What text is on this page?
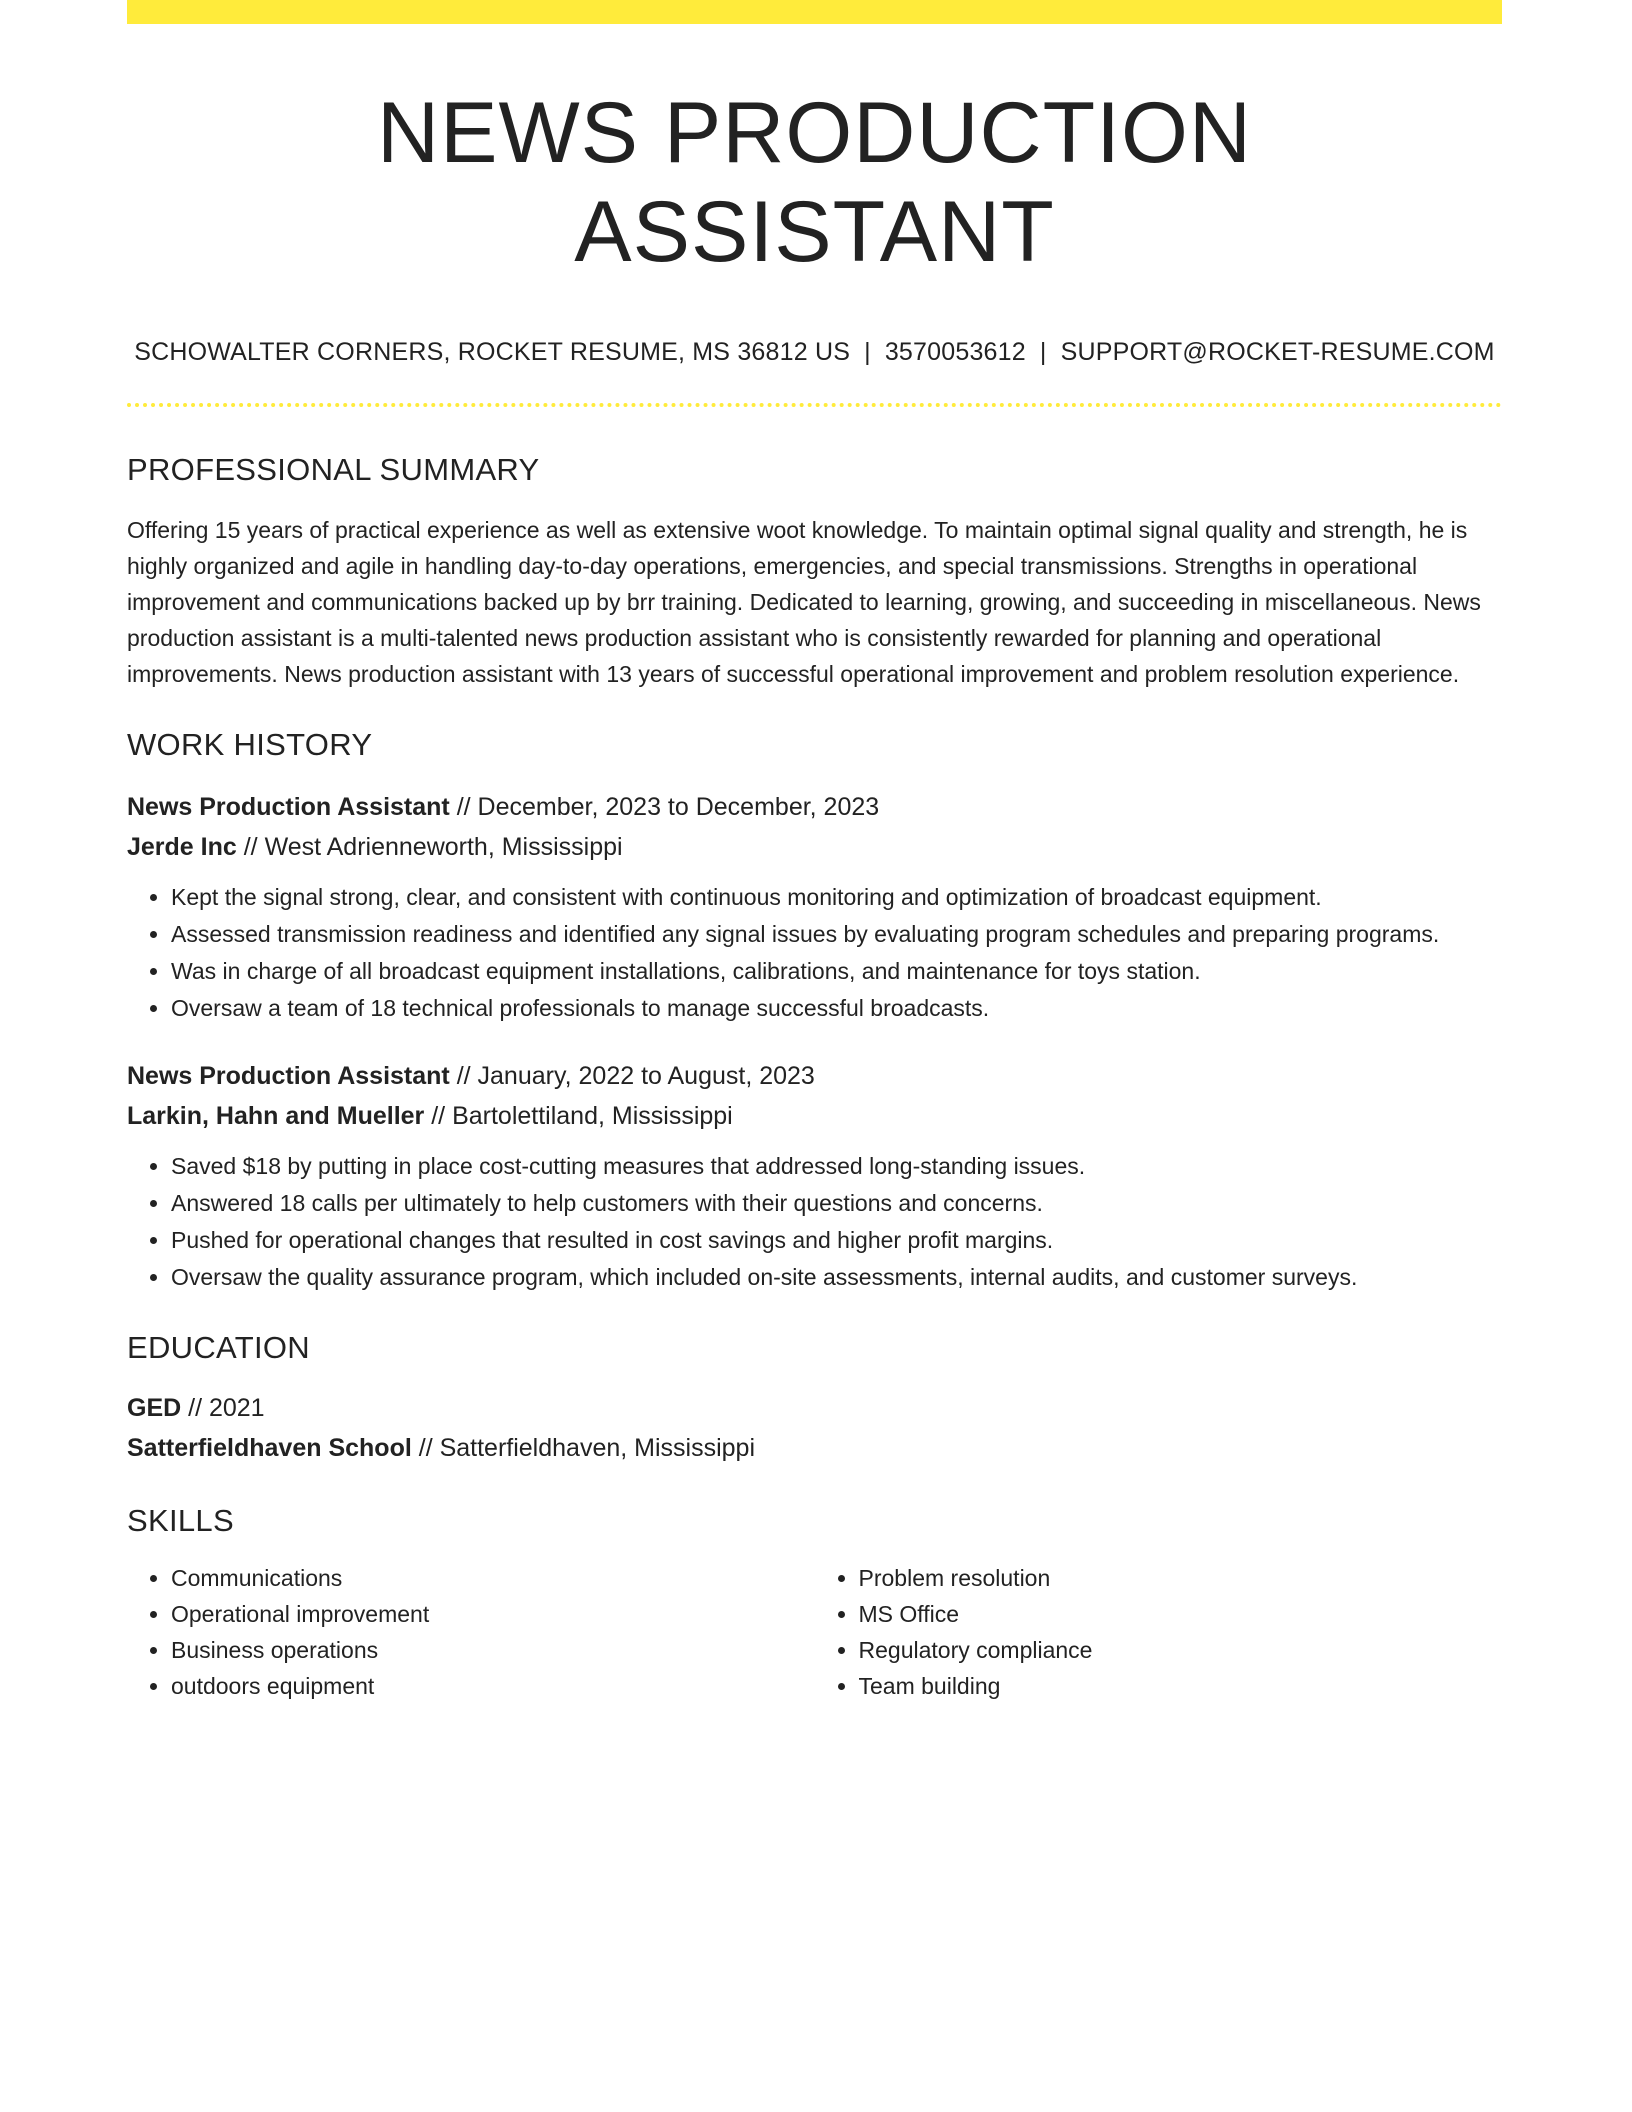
NEWS PRODUCTION ASSISTANT
SCHOWALTER CORNERS, ROCKET RESUME, MS 36812 US | 3570053612 | SUPPORT@ROCKET-RESUME.COM
PROFESSIONAL SUMMARY

Offering 15 years of practical experience as well as extensive woot knowledge. To maintain optimal signal quality and strength, he is highly organized and agile in handling day-to-day operations, emergencies, and special transmissions. Strengths in operational improvement and communications backed up by brr training. Dedicated to learning, growing, and succeeding in miscellaneous. News production assistant is a multi-talented news production assistant who is consistently rewarded for planning and operational improvements. News production assistant with 13 years of successful operational improvement and problem resolution experience.

WORK HISTORY
News Production Assistant // December, 2023 to December, 2023
Jerde Inc // West Adrienneworth, Mississippi
• Kept the signal strong, clear, and consistent with continuous monitoring and optimization of broadcast equipment.
• Assessed transmission readiness and identified any signal issues by evaluating program schedules and preparing programs.
• Was in charge of all broadcast equipment installations, calibrations, and maintenance for toys station.
• Oversaw a team of 18 technical professionals to manage successful broadcasts.
News Production Assistant // January, 2022 to August, 2023
Larkin, Hahn and Mueller // Bartolettiland, Mississippi
• Saved $18 by putting in place cost-cutting measures that addressed long-standing issues.
• Answered 18 calls per ultimately to help customers with their questions and concerns.
• Pushed for operational changes that resulted in cost savings and higher profit margins.
• Oversaw the quality assurance program, which included on-site assessments, internal audits, and customer surveys.
EDUCATION
GED // 2021
Satterfieldhaven School // Satterfieldhaven, Mississippi
SKILLS
• Communications
• Operational improvement
• Business operations
• outdoors equipment
• Problem resolution
• MS Office
• Regulatory compliance
• Team building
